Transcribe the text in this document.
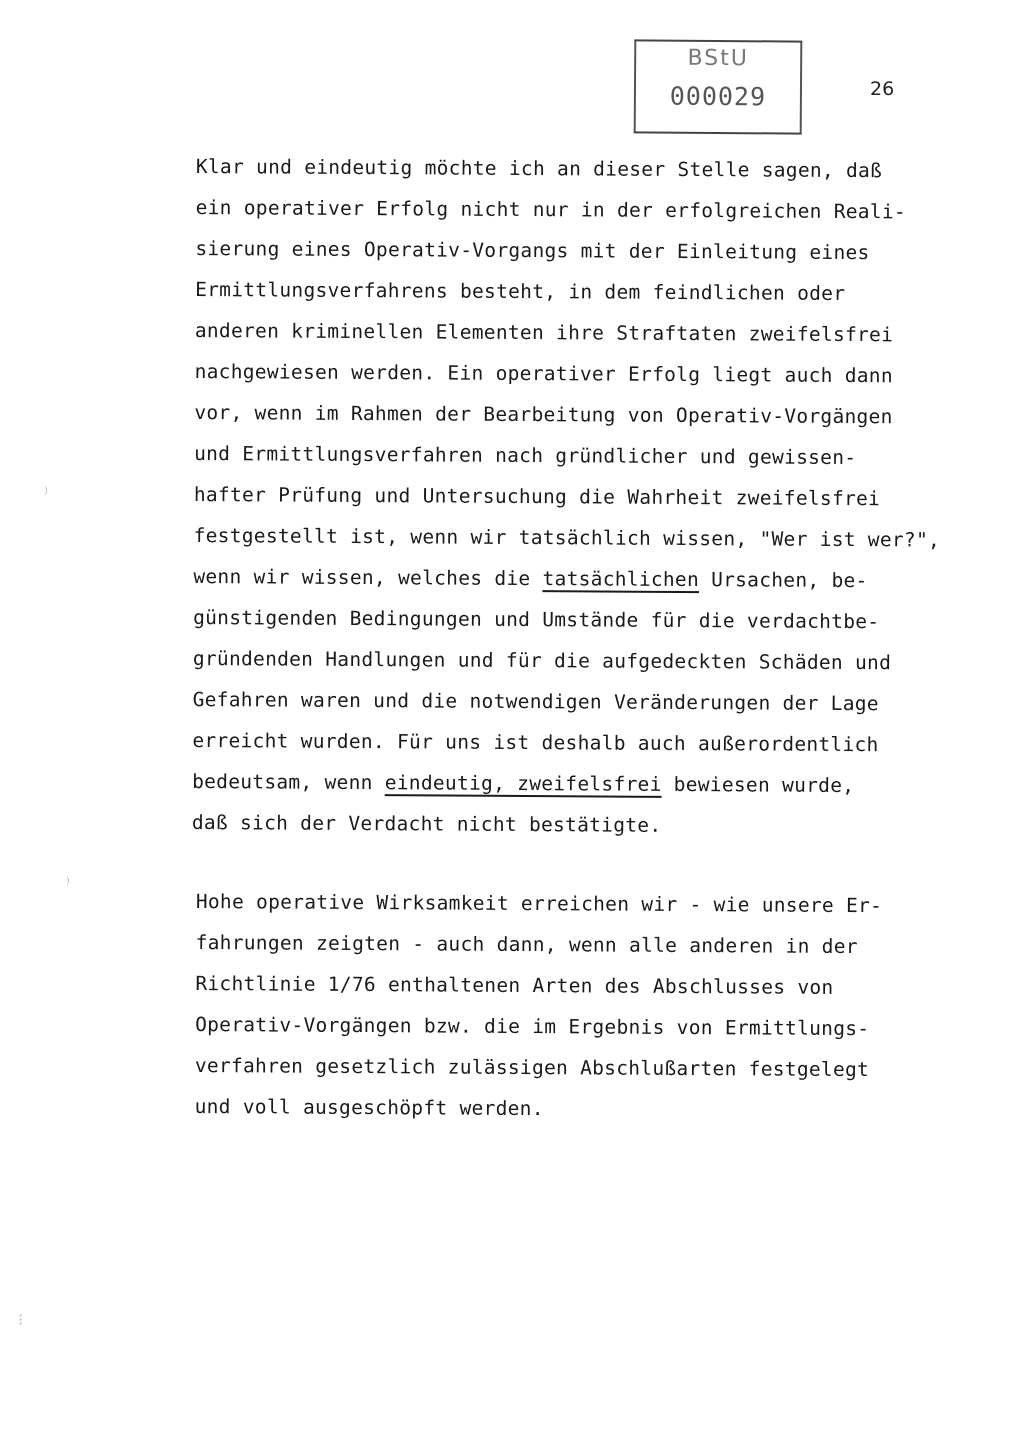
BStU
000029	26
Klar und eindeutig möchte ich an dieser Stelle sagen, daß
ein operativer Erfolg nicht nur in der erfolgreichen Reali-
sierung eines Operativ-Vorgangs mit der Einleitung eines
Ermittlungsverfahrens besteht, in dem feindlichen oder
anderen kriminellen Elementen ihre Straftaten zweifelsfrei
nachgewiesen werden. Ein operativer Erfolg liegt auch dann
vor, wenn im Rahmen der Bearbeitung von Operativ-Vorgängen
und Ermittlungsverfahren nach gründlicher und gewissen-
hafter Prüfung und Untersuchung die Wahrheit zweifelsfrei
festgestellt ist, wenn wir tatsächlich wissen, "Wer ist wer?",
wenn wir wissen, welches die tatsächlichen Ursachen, be-
günstigenden Bedingungen und Umstände für die verdachtbe-
gründenden Handlungen und für die aufgedeckten Schäden und
Gefahren waren und die notwendigen Veränderungen der Lage
erreicht wurden. Für uns ist deshalb auch außerordentlich
bedeutsam, wenn eindeutig, zweifelsfrei bewiesen wurde,
daß sich der Verdacht nicht bestätigte.
Hohe operative Wirksamkeit erreichen wir - wie unsere Er-
fahrungen zeigten - auch dann, wenn alle anderen in der
Richtlinie 1/76 enthaltenen Arten des Abschlusses von
Operativ-Vorgängen bzw. die im Ergebnis von Ermittlungs-
verfahren gesetzlich zulässigen Abschlußarten festgelegt
und voll ausgeschöpft werden.
⁾
⁾
⁝
